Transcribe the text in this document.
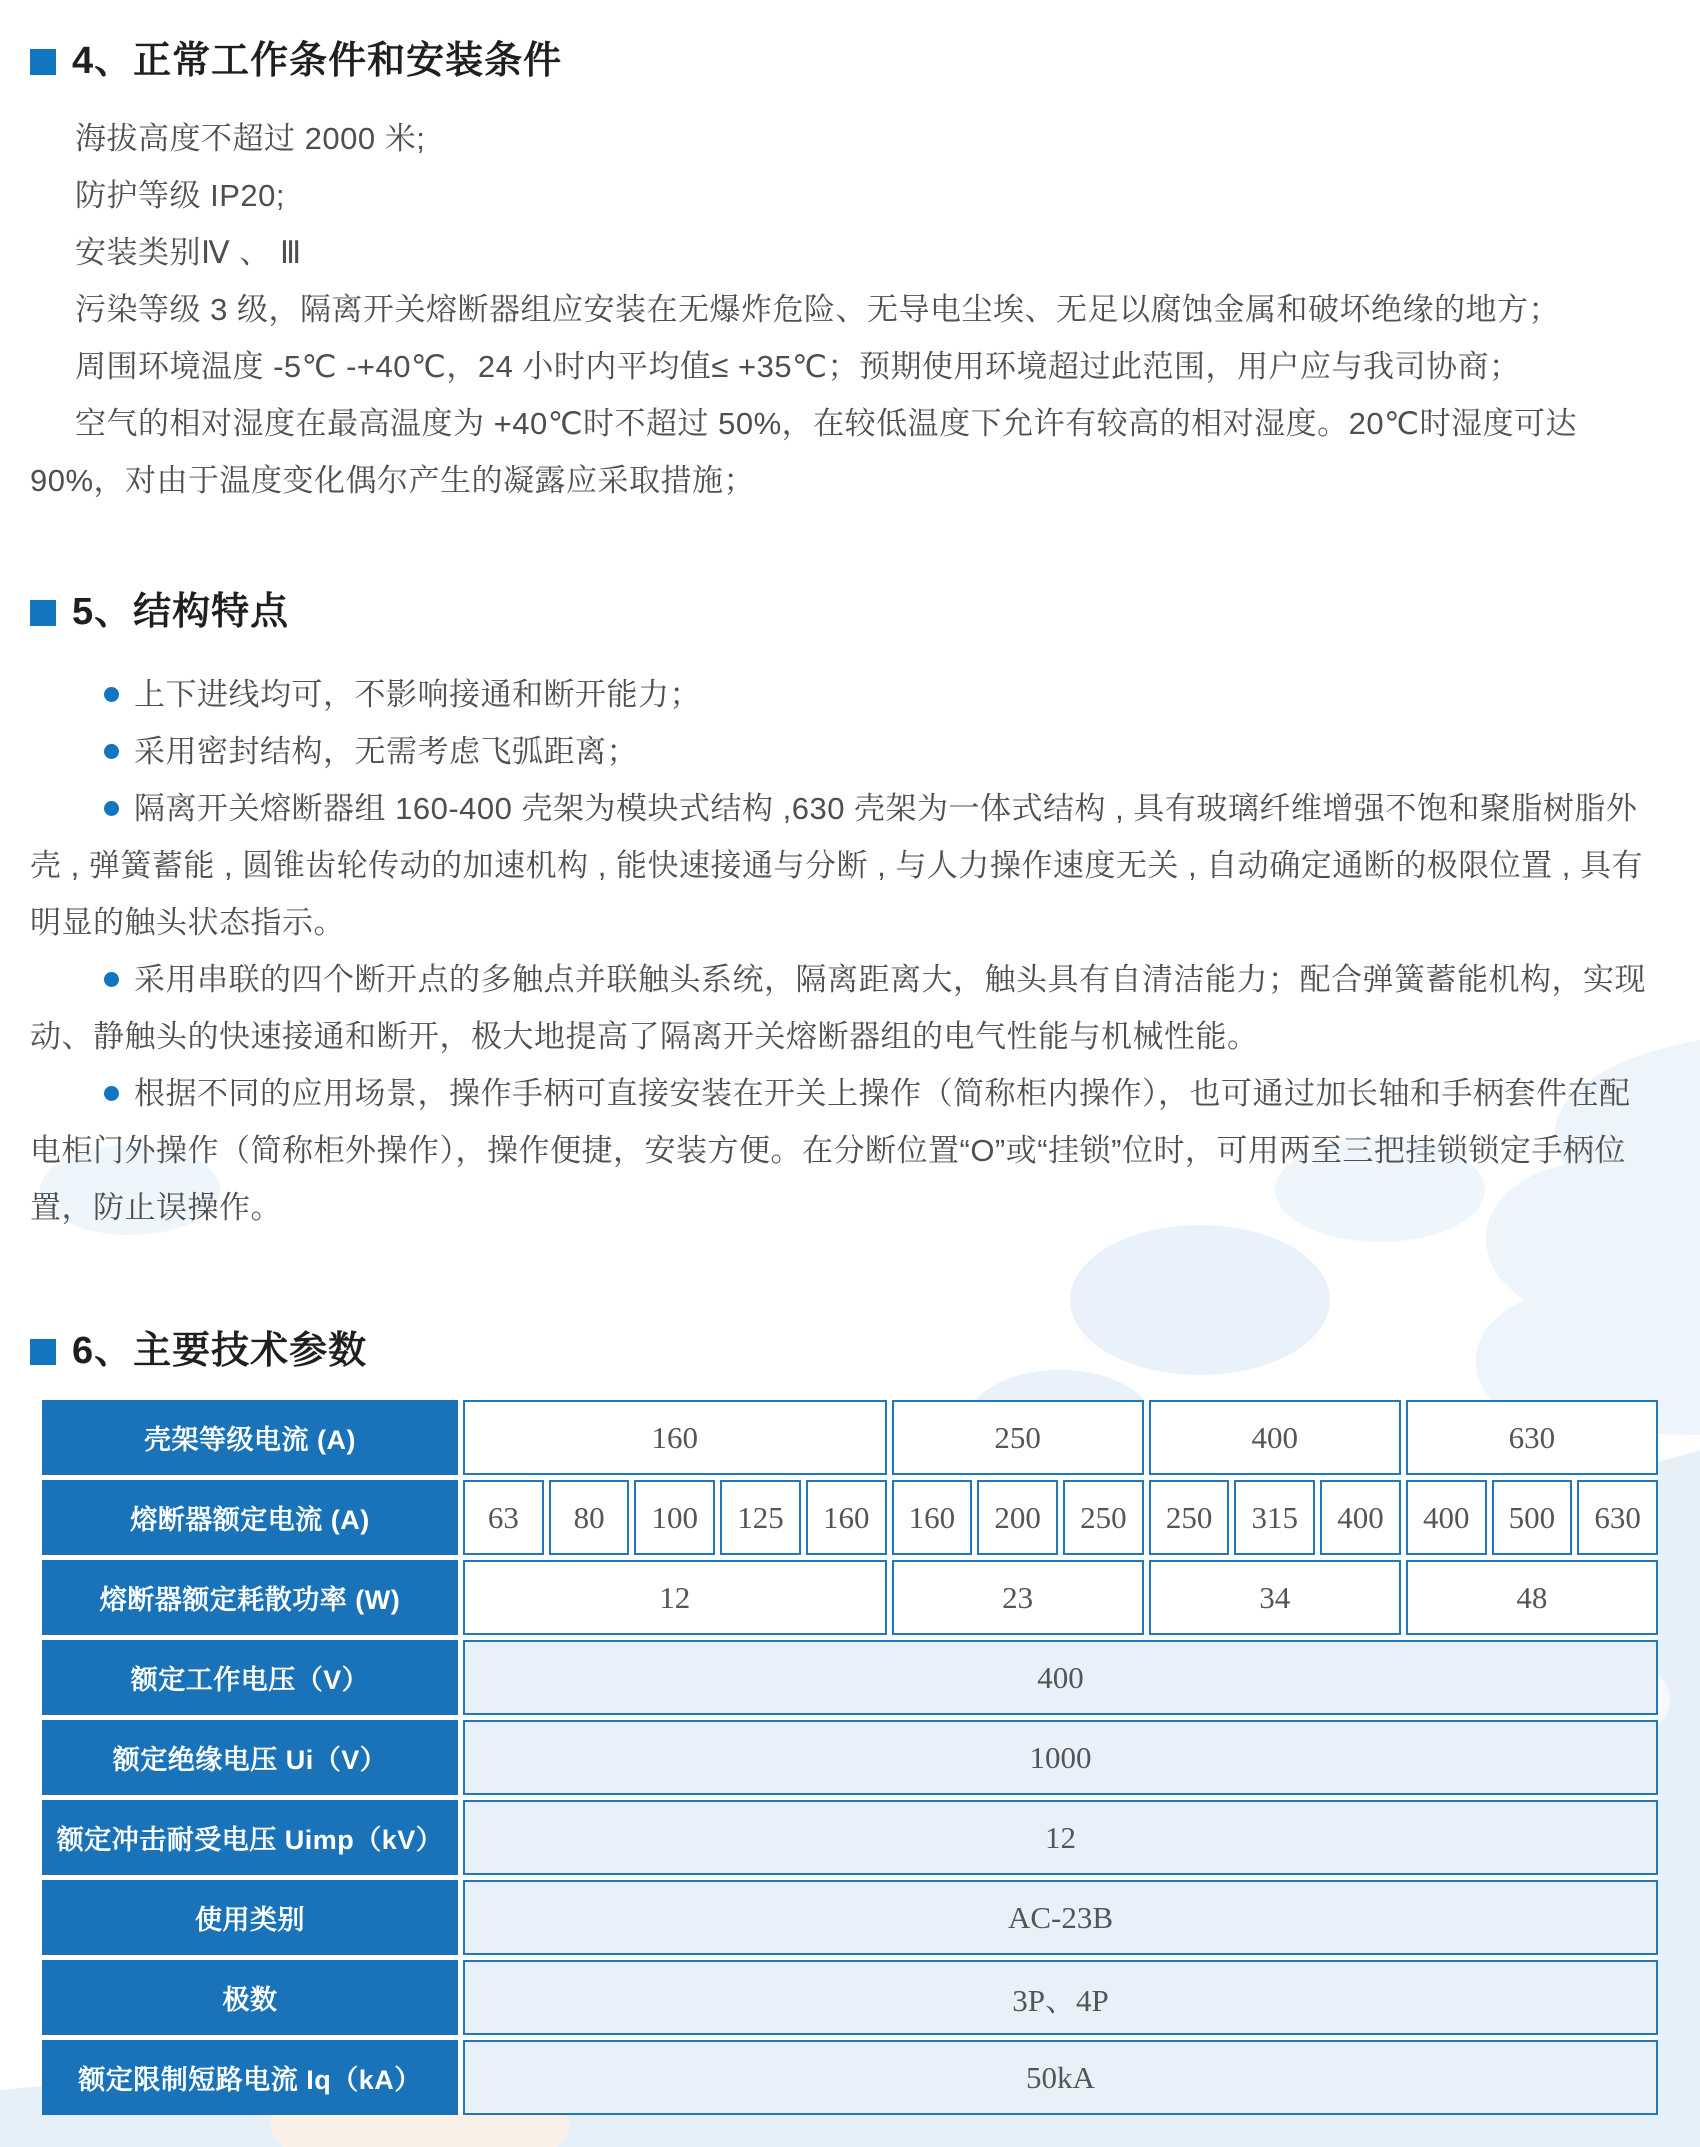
4、正常工作条件和安装条件

海拔高度不超过 2000 米;

防护等级 IP20;

安装类别Ⅳ 、 Ⅲ

污染等级 3 级，隔离开关熔断器组应安装在无爆炸危险、无导电尘埃、无足以腐蚀金属和破坏绝缘的地方；

周围环境温度 -5℃ -+40℃，24 小时内平均值≤ +35℃；预期使用环境超过此范围，用户应与我司协商；

空气的相对湿度在最高温度为 +40℃时不超过 50%，在较低温度下允许有较高的相对湿度。20℃时湿度可达 90%，对由于温度变化偶尔产生的凝露应采取措施；

5、结构特点

上下进线均可，不影响接通和断开能力；

采用密封结构，无需考虑飞弧距离；

隔离开关熔断器组 160-400 壳架为模块式结构 ,630 壳架为一体式结构 , 具有玻璃纤维增强不饱和聚脂树脂外壳 , 弹簧蓄能 , 圆锥齿轮传动的加速机构 , 能快速接通与分断 , 与人力操作速度无关 , 自动确定通断的极限位置 , 具有明显的触头状态指示。

采用串联的四个断开点的多触点并联触头系统，隔离距离大，触头具有自清洁能力；配合弹簧蓄能机构，实现动、静触头的快速接通和断开，极大地提高了隔离开关熔断器组的电气性能与机械性能。

根据不同的应用场景，操作手柄可直接安装在开关上操作（简称柜内操作），也可通过加长轴和手柄套件在配电柜门外操作（简称柜外操作），操作便捷，安装方便。在分断位置“O”或“挂锁”位时，可用两至三把挂锁锁定手柄位置，防止误操作。

6、主要技术参数
壳架等级电流 (A)	160	250	400	630
熔断器额定电流 (A)	63	80	100	125	160	160	200	250	250	315	400	400	500	630
熔断器额定耗散功率 (W)	12	23	34	48
额定工作电压（V）	400
额定绝缘电压 Ui（V）	1000
额定冲击耐受电压 Uimp（kV）	12
使用类别	AC-23B
极数	3P、4P
额定限制短路电流 Iq（kA）	50kA
